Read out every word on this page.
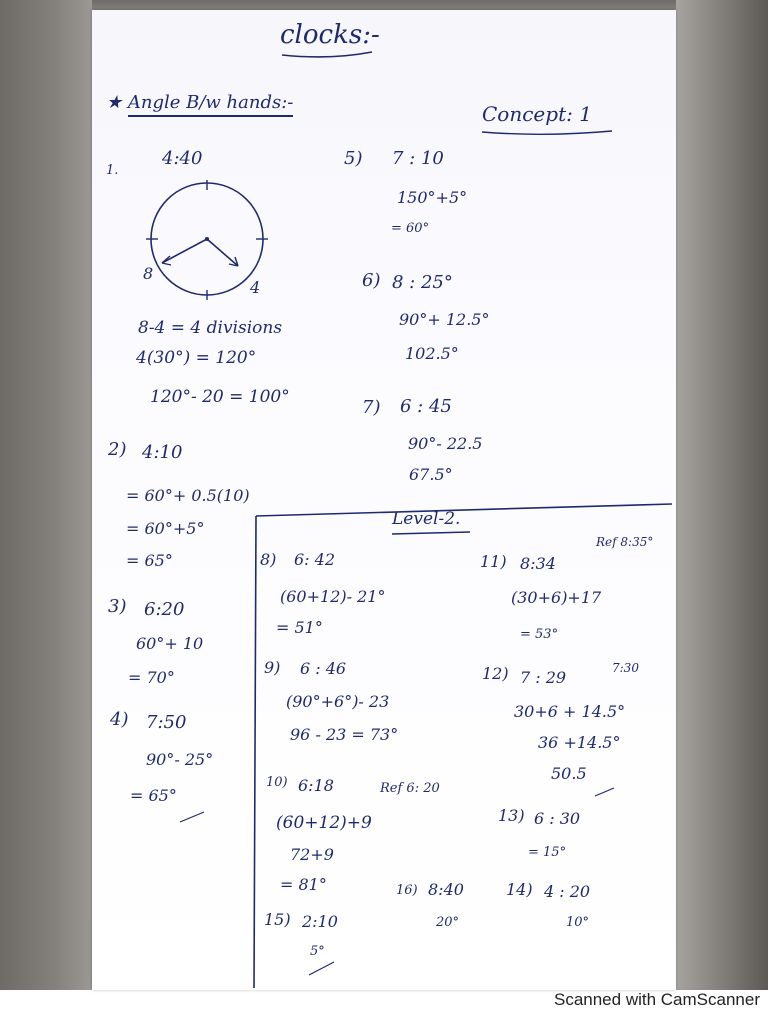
clocks:-
★ Angle B/w hands:-	Concept: 1
1.
4:40
8
4
8-4 = 4 divisions
4(30°) = 120°
120°- 20 = 100°
2) 4:10
= 60°+ 0.5(10)
= 60°+5°
= 65°
3) 6:20
60°+ 10
= 70°
4) 7:50
90°- 25°
= 65°
5) 7 : 10
150°+5°
= 60°
6) 8 : 25°
90°+ 12.5°
102.5°
7) 6 : 45
90°- 22.5
67.5°
Level-2.
8) 6: 42
(60+12)- 21°
= 51°
9) 6 : 46
(90°+6°)- 23
96 - 23 = 73°
10) 6:18	Ref 6: 20
(60+12)+9
72+9
= 81°
11) 8:34
Ref 8:35°
(30+6)+17
= 53°
12) 7 : 29	7:30
30+6 + 14.5°
36 +14.5°
50.5
13) 6 : 30
= 15°
16) 8:40
20°
14) 4 : 20
10°
15) 2:10
5°
Scanned with CamScanner
